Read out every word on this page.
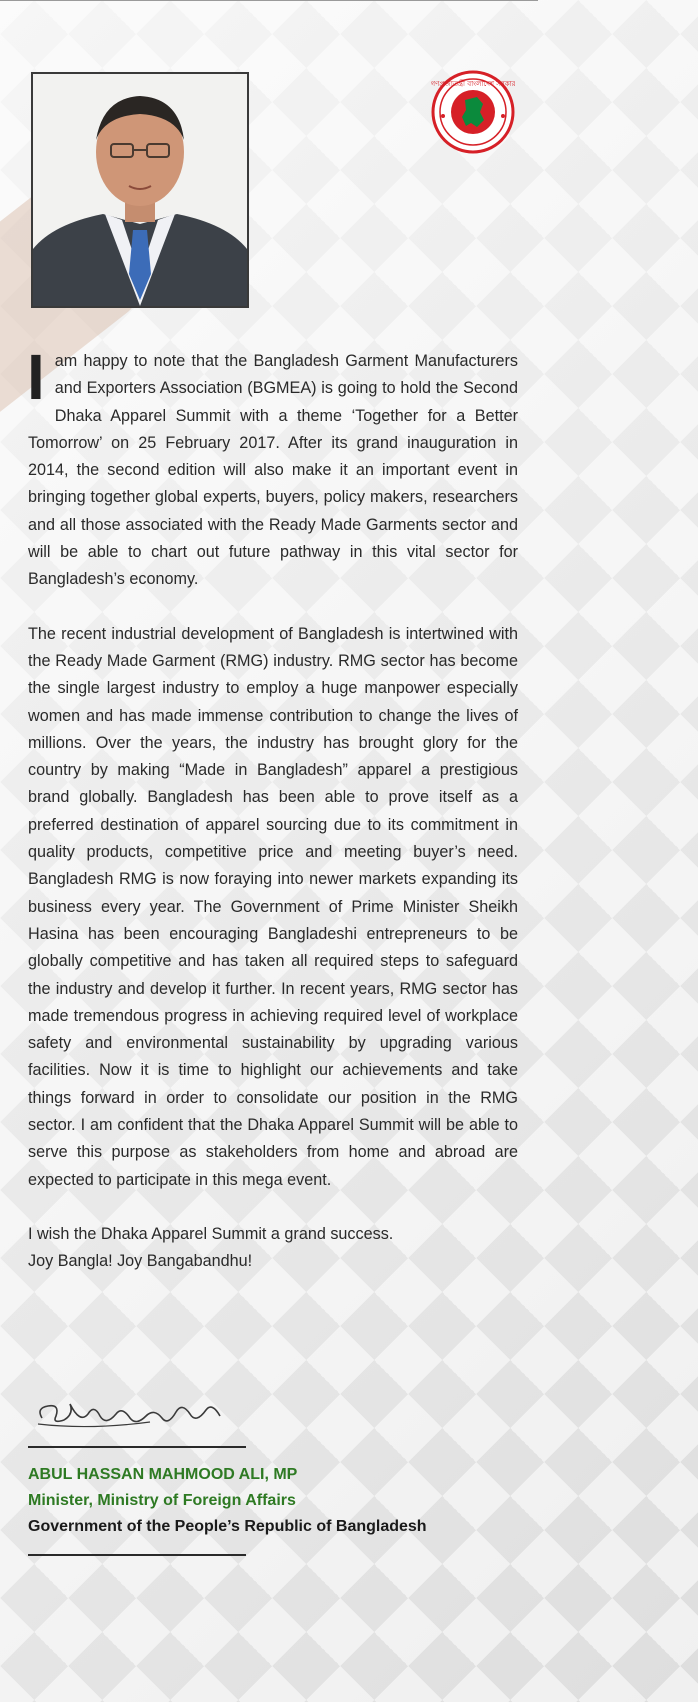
গণপ্রজাতন্ত্রী বাংলাদেশ সরকার

Iam happy to note that the Bangladesh Garment Manufacturers and Exporters Association (BGMEA) is going to hold the Second Dhaka Apparel Summit with a theme ‘Together for a Better Tomorrow’ on 25 February 2017. After its grand inauguration in 2014, the second edition will also make it an important event in bringing together global experts, buyers, policy makers, researchers and all those associated with the Ready Made Garments sector and will be able to chart out future pathway in this vital sector for Bangladesh’s economy.

The recent industrial development of Bangladesh is intertwined with the Ready Made Garment (RMG) industry. RMG sector has become the single largest industry to employ a huge manpower especially women and has made immense contribution to change the lives of millions. Over the years, the industry has brought glory for the country by making “Made in Bangladesh” apparel a prestigious brand globally. Bangladesh has been able to prove itself as a preferred destination of apparel sourcing due to its commitment in quality products, competitive price and meeting buyer’s need. Bangladesh RMG is now foraying into newer markets expanding its business every year. The Government of Prime Minister Sheikh Hasina has been encouraging Bangladeshi entrepreneurs to be globally competitive and has taken all required steps to safeguard the industry and develop it further. In recent years, RMG sector has made tremendous progress in achieving required level of workplace safety and environmental sustainability by upgrading various facilities. Now it is time to highlight our achievements and take things forward in order to consolidate our position in the RMG sector. I am confident that the Dhaka Apparel Summit will be able to serve this purpose as stakeholders from home and abroad are expected to participate in this mega event.

I wish the Dhaka Apparel Summit a grand success.

Joy Bangla! Joy Bangabandhu!

ABUL HASSAN MAHMOOD ALI, MP
Minister, Ministry of Foreign Affairs
Government of the People’s Republic of Bangladesh
